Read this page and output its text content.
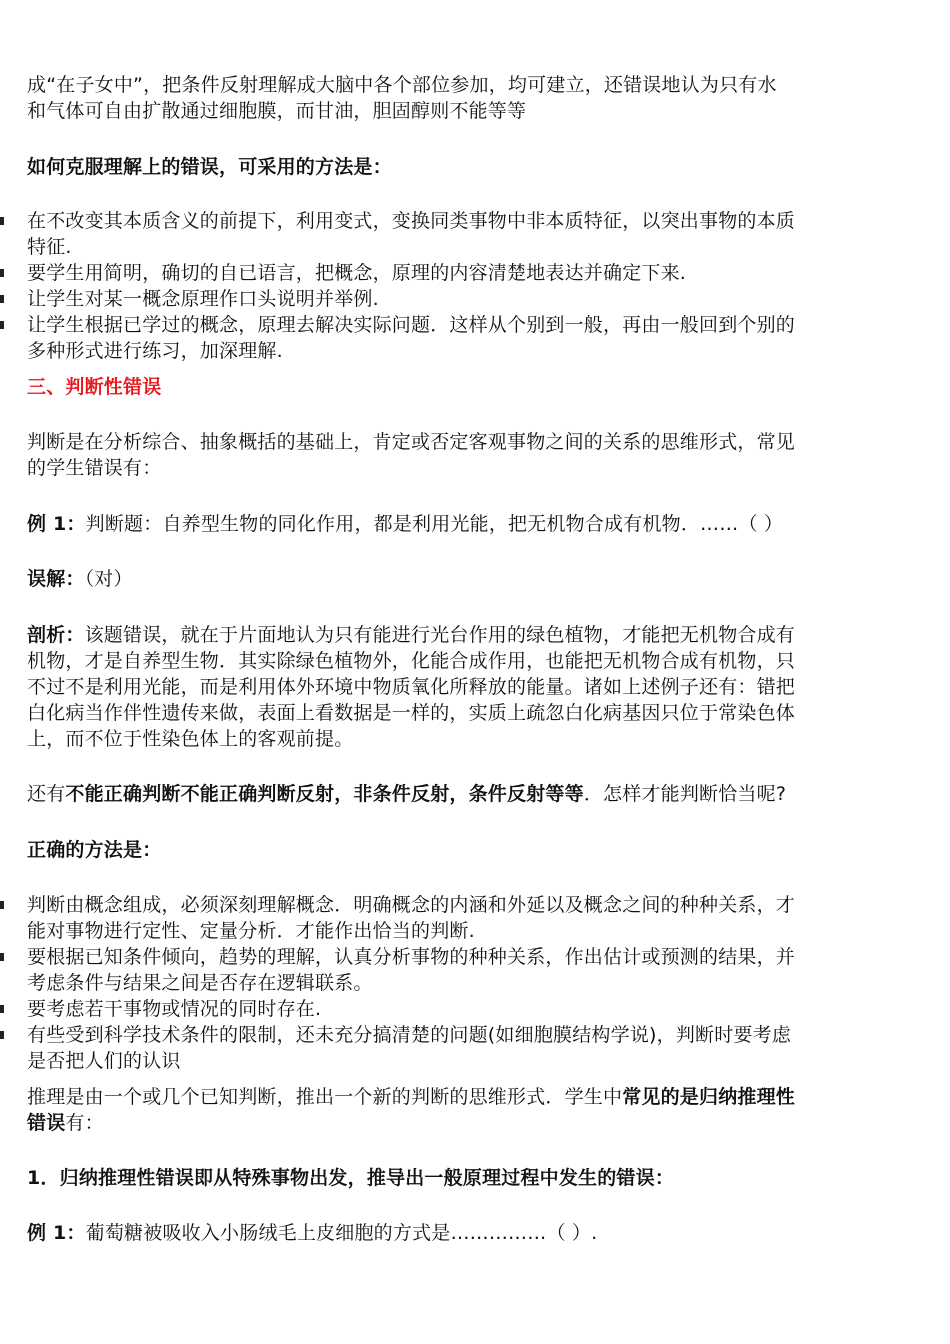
成“在子女中”，把条件反射理解成大脑中各个部位参加，均可建立，还错误地认为只有水
和气体可自由扩散通过细胞膜，而甘油，胆固醇则不能等等
如何克服理解上的错误，可采用的方法是：
在不改变其本质含义的前提下，利用变式，变换同类事物中非本质特征，以突出事物的本质
特征.
要学生用简明，确切的自已语言，把概念，原理的内容清楚地表达并确定下来.
让学生对某一概念原理作口头说明并举例.
让学生根据已学过的概念，原理去解决实际问题．这样从个别到一般，再由一般回到个别的
多种形式进行练习，加深理解.
三、判断性错误
判断是在分析综合、抽象概括的基础上，肯定或否定客观事物之间的关系的思维形式，常见
的学生错误有：
例 1：判断题：自养型生物的同化作用，都是利用光能，把无机物合成有机物．……（ ）
误解：（对）
剖析：该题错误，就在于片面地认为只有能进行光台作用的绿色植物，才能把无机物合成有
机物，才是自养型生物．其实除绿色植物外，化能合成作用，也能把无机物合成有机物，只
不过不是利用光能，而是利用体外环境中物质氧化所释放的能量。诸如上述例子还有：错把
白化病当作伴性遗传来做，表面上看数据是一样的，实质上疏忽白化病基因只位于常染色体
上，而不位于性染色体上的客观前提。
还有不能正确判断不能正确判断反射，非条件反射，条件反射等等．怎样才能判断恰当呢?
正确的方法是：
判断由概念组成，必须深刻理解概念．明确概念的内涵和外延以及概念之间的种种关系，才
能对事物进行定性、定量分析．才能作出恰当的判断.
要根据已知条件倾向，趋势的理解，认真分析事物的种种关系，作出估计或预测的结果，并
考虑条件与结果之间是否存在逻辑联系。
要考虑若干事物或情况的同时存在.
有些受到科学技术条件的限制，还未充分搞清楚的问题(如细胞膜结构学说)，判断时要考虑
是否把人们的认识
推理是由一个或几个已知判断，推出一个新的判断的思维形式．学生中常见的是归纳推理性
错误有：
1．归纳推理性错误即从特殊事物出发，推导出一般原理过程中发生的错误：
例 1：葡萄糖被吸收入小肠绒毛上皮细胞的方式是……………（ ）.
